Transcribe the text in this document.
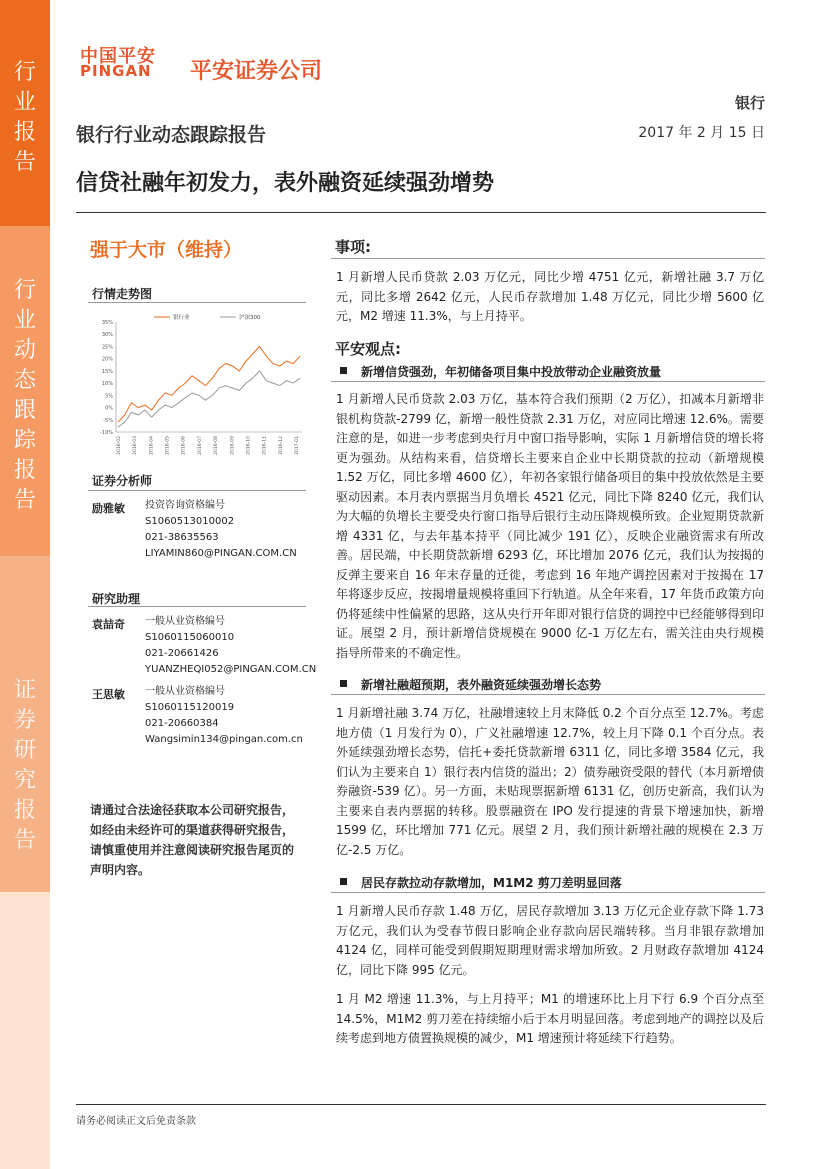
行
业
报
告
行
业
动
态
跟
踪
报
告
证
券
研
究
报
告
中国平安
PINGAN 平安证券公司
银行
银行行业动态跟踪报告	2017 年 2 月 15 日
信贷社融年初发力，表外融资延续强劲增势
强于大市（维持）
行情走势图
35%
30%
25%
20%
15%
10%
5%
0%
-5%
-10%
2016-02 2016-03 2016-04 2016-05 2016-06 2016-07 2016-08 2016-09 2016-10 2016-11 2016-12 2017-01
银行业	沪深300
证券分析师
励雅敏 投资咨询资格编号
S1060513010002
021-38635563
LIYAMIN860@PINGAN.COM.CN
研究助理
袁喆奇 一般从业资格编号
S1060115060010
021-20661426
YUANZHEQI052@PINGAN.COM.CN
王思敏 一般从业资格编号
S1060115120019
021-20660384
Wangsimin134@pingan.com.cn
请通过合法途径获取本公司研究报告，如经由未经许可的渠道获得研究报告，请慎重使用并注意阅读研究报告尾页的声明内容。
事项:
1 月新增人民币贷款 2.03 万亿元，同比少增 4751 亿元，新增社融 3.7 万亿元，同比多增 2642 亿元，人民币存款增加 1.48 万亿元，同比少增 5600 亿元，M2 增速 11.3%，与上月持平。
平安观点:
新增信贷强劲，年初储备项目集中投放带动企业融资放量
1 月新增人民币贷款 2.03 万亿，基本符合我们预期（2 万亿），扣减本月新增非银机构贷款-2799 亿，新增一般性贷款 2.31 万亿，对应同比增速 12.6%。需要注意的是，如进一步考虑到央行月中窗口指导影响，实际 1 月新增信贷的增长将更为强劲。从结构来看，信贷增长主要来自企业中长期贷款的拉动（新增规模 1.52 万亿，同比多增 4600 亿），年初各家银行储备项目的集中投放依然是主要驱动因素。本月表内票据当月负增长 4521 亿元，同比下降 8240 亿元，我们认为大幅的负增长主要受央行窗口指导后银行主动压降规模所致。企业短期贷款新增 4331 亿，与去年基本持平（同比减少 191 亿），反映企业融资需求有所改善。居民端，中长期贷款新增 6293 亿，环比增加 2076 亿元，我们认为按揭的反弹主要来自 16 年末存量的迁徙，考虑到 16 年地产调控因素对于按揭在 17 年将逐步反应，按揭增量规模将重回下行轨道。从全年来看，17 年货币政策方向仍将延续中性偏紧的思路，这从央行开年即对银行信贷的调控中已经能够得到印证。展望 2 月，预计新增信贷规模在 9000 亿-1 万亿左右，需关注由央行规模指导所带来的不确定性。
新增社融超预期，表外融资延续强劲增长态势
1 月新增社融 3.74 万亿，社融增速较上月末降低 0.2 个百分点至 12.7%。考虑地方债（1 月发行为 0），广义社融增速 12.7%，较上月下降 0.1 个百分点。表外延续强劲增长态势，信托+委托贷款新增 6311 亿，同比多增 3584 亿元，我们认为主要来自 1）银行表内信贷的溢出；2）债券融资受限的替代（本月新增债券融资-539 亿）。另一方面，未贴现票据新增 6131 亿，创历史新高，我们认为主要来自表内票据的转移。股票融资在 IPO 发行提速的背景下增速加快，新增 1599 亿，环比增加 771 亿元。展望 2 月，我们预计新增社融的规模在 2.3 万亿-2.5 万亿。
居民存款拉动存款增加，M1M2 剪刀差明显回落
1 月新增人民币存款 1.48 万亿，居民存款增加 3.13 万亿元企业存款下降 1.73 万亿元，我们认为受春节假日影响企业存款向居民端转移。当月非银存款增加 4124 亿，同样可能受到假期短期理财需求增加所致。2 月财政存款增加 4124 亿，同比下降 995 亿元。
1 月 M2 增速 11.3%，与上月持平；M1 的增速环比上月下行 6.9 个百分点至 14.5%，M1M2 剪刀差在持续缩小后于本月明显回落。考虑到地产的调控以及后续考虑到地方债置换规模的减少，M1 增速预计将延续下行趋势。
请务必阅读正文后免责条款
